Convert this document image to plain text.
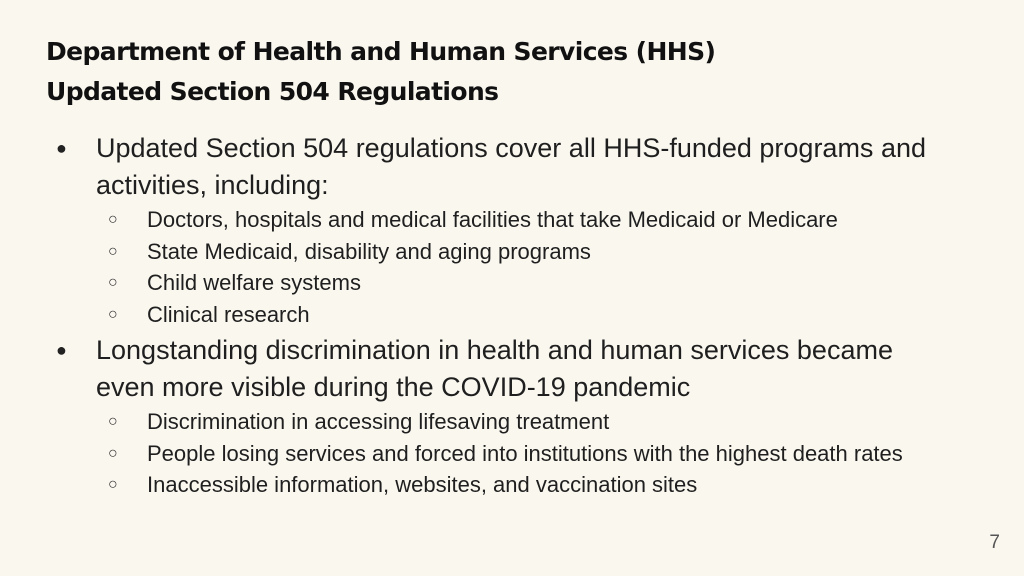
Department of Health and Human Services (HHS)
Updated Section 504 Regulations
● Updated Section 504 regulations cover all HHS-funded programs and activities, including:
○ Doctors, hospitals and medical facilities that take Medicaid or Medicare
○ State Medicaid, disability and aging programs
○ Child welfare systems
○ Clinical research
● Longstanding discrimination in health and human services became even more visible during the COVID-19 pandemic
○ Discrimination in accessing lifesaving treatment
○ People losing services and forced into institutions with the highest death rates
○ Inaccessible information, websites, and vaccination sites
7
